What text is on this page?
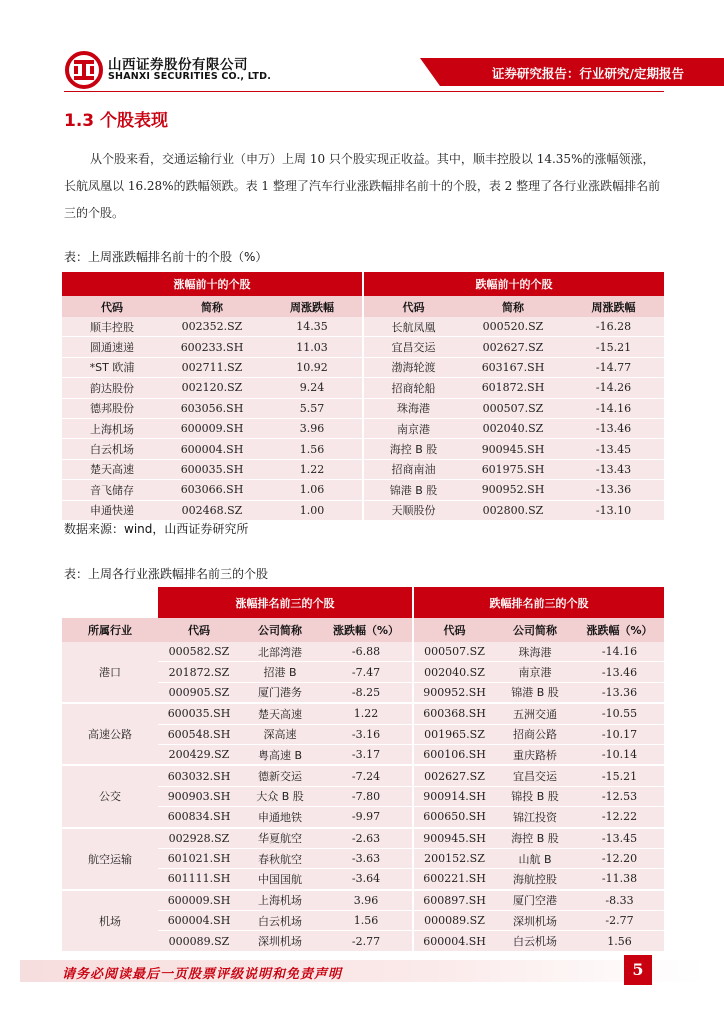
山西证券股份有限公司
SHANXI SECURITIES CO., LTD.	证券研究报告：行业研究/定期报告
1.3 个股表现
从个股来看，交通运输行业（申万）上周 10 只个股实现正收益。其中，顺丰控股以 14.35%的涨幅领涨，长航凤凰以 16.28%的跌幅领跌。表 1 整理了汽车行业涨跌幅排名前十的个股，表 2 整理了各行业涨跌幅排名前三的个股。
表：上周涨跌幅排名前十的个股（%）
涨幅前十的个股			跌幅前十的个股		
代码	简称	周涨跌幅	代码	简称	周涨跌幅
顺丰控股	002352.SZ	14.35	长航凤凰	000520.SZ	-16.28
圆通速递	600233.SH	11.03	宜昌交运	002627.SZ	-15.21
*ST 欧浦	002711.SZ	10.92	渤海轮渡	603167.SH	-14.77
韵达股份	002120.SZ	9.24	招商轮船	601872.SH	-14.26
德邦股份	603056.SH	5.57	珠海港	000507.SZ	-14.16
上海机场	600009.SH	3.96	南京港	002040.SZ	-13.46
白云机场	600004.SH	1.56	海控 B 股	900945.SH	-13.45
楚天高速	600035.SH	1.22	招商南油	601975.SH	-13.43
音飞储存	603066.SH	1.06	锦港 B 股	900952.SH	-13.36
申通快递	002468.SZ	1.00	天顺股份	002800.SZ	-13.10
数据来源：wind，山西证券研究所
表：上周各行业涨跌幅排名前三的个股
	涨幅排名前三的个股			跌幅排名前三的个股		
所属行业	代码	公司简称	涨跌幅（%）	代码	公司简称	涨跌幅（%）
港口	000582.SZ	北部湾港	-6.88	000507.SZ	珠海港	-14.16
	201872.SZ	招港 B	-7.47	002040.SZ	南京港	-13.46
	000905.SZ	厦门港务	-8.25	900952.SH	锦港 B 股	-13.36
高速公路	600035.SH	楚天高速	1.22	600368.SH	五洲交通	-10.55
	600548.SH	深高速	-3.16	001965.SZ	招商公路	-10.17
	200429.SZ	粤高速 B	-3.17	600106.SH	重庆路桥	-10.14
公交	603032.SH	德新交运	-7.24	002627.SZ	宜昌交运	-15.21
	900903.SH	大众 B 股	-7.80	900914.SH	锦投 B 股	-12.53
	600834.SH	申通地铁	-9.97	600650.SH	锦江投资	-12.22
航空运输	002928.SZ	华夏航空	-2.63	900945.SH	海控 B 股	-13.45
	601021.SH	春秋航空	-3.63	200152.SZ	山航 B	-12.20
	601111.SH	中国国航	-3.64	600221.SH	海航控股	-11.38
机场	600009.SH	上海机场	3.96	600897.SH	厦门空港	-8.33
	600004.SH	白云机场	1.56	000089.SZ	深圳机场	-2.77
	000089.SZ	深圳机场	-2.77	600004.SH	白云机场	1.56
请务必阅读最后一页股票评级说明和免责声明	5
